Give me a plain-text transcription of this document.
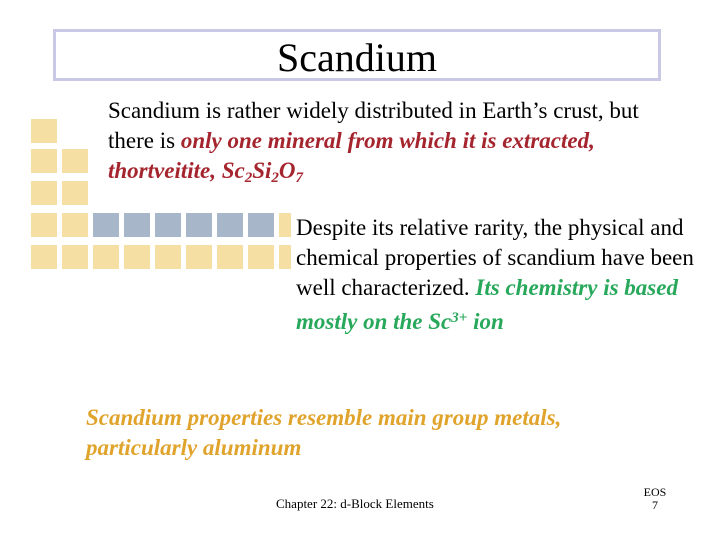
Scandium
Scandium is rather widely distributed in Earth’s crust, but there is only one mineral from which it is extracted, thortveitite, $Sc_2Si_2O_7$
Despite its relative rarity, the physical and chemical properties of scandium have been well characterized. Its chemistry is based mostly on the $Sc^{3+}$ ion
Scandium properties resemble main group metals, particularly aluminum
Chapter 22: d-Block Elements
EOS
7
